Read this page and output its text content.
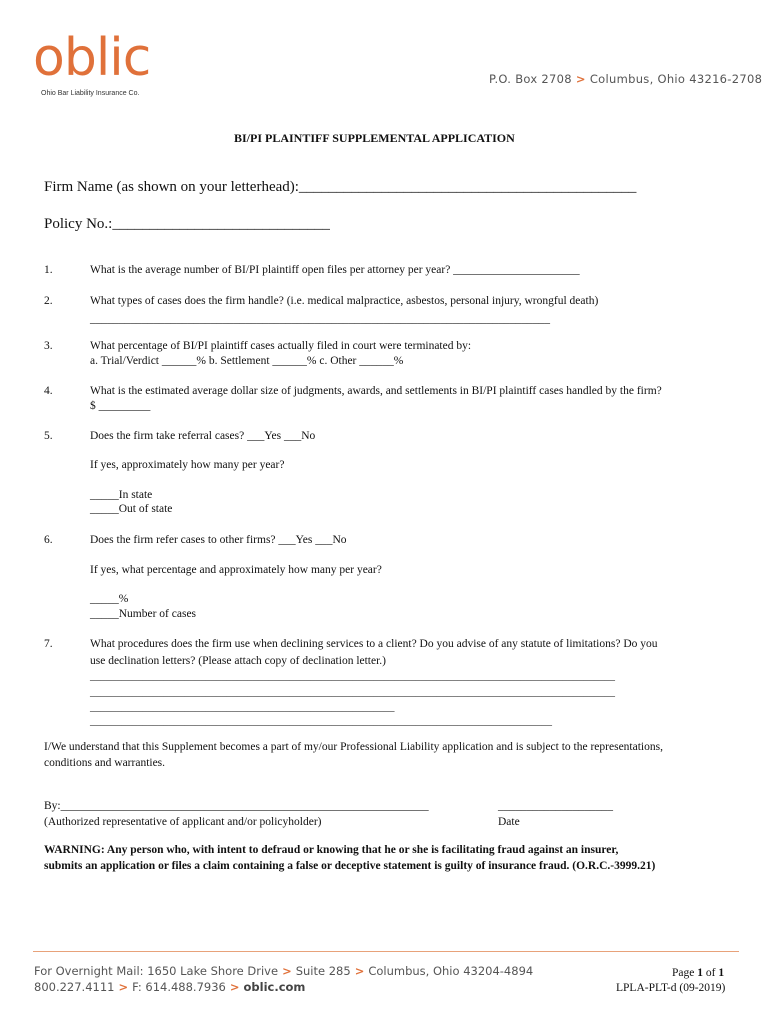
oblic
Ohio Bar Liability Insurance Co.
P.O. Box 2708 > Columbus, Ohio 43216-2708
BI/PI PLAINTIFF SUPPLEMENTAL APPLICATION
Firm Name (as shown on your letterhead):_____________________________________________
Policy No.:_____________________________
1.	What is the average number of BI/PI plaintiff open files per attorney per year? ______________________
2.	What types of cases does the firm handle? (i.e. medical malpractice, asbestos, personal injury, wrongful death)
________________________________________________________________________________
3.	What percentage of BI/PI plaintiff cases actually filed in court were terminated by:
a. Trial/Verdict ______% b. Settlement ______% c. Other ______%
4.	What is the estimated average dollar size of judgments, awards, and settlements in BI/PI plaintiff cases handled by the firm?
$ _________
5.	Does the firm take referral cases? ___Yes ___No
If yes, approximately how many per year?
_____In state
_____Out of state
6.	Does the firm refer cases to other firms? ___Yes ___No
If yes, what percentage and approximately how many per year?
_____%
_____Number of cases
7.	What procedures does the firm use when declining services to a client? Do you advise of any statute of limitations? Do you
use declination letters? (Please attach copy of declination letter.)
____________________________________________________________________________________________________
____________________________________________________________________________________________________
__________________________________________________________
________________________________________________________________________________________
I/We understand that this Supplement becomes a part of my/our Professional Liability application and is subject to the representations,
conditions and warranties.
By:________________________________________________________________
(Authorized representative of applicant and/or policyholder)
____________________
Date
WARNING: Any person who, with intent to defraud or knowing that he or she is facilitating fraud against an insurer,
submits an application or files a claim containing a false or deceptive statement is guilty of insurance fraud. (O.R.C.-3999.21)
For Overnight Mail: 1650 Lake Shore Drive > Suite 285 > Columbus, Ohio 43204-4894
800.227.4111 > F: 614.488.7936 > oblic.com
Page 1 of 1
LPLA-PLT-d (09-2019)
